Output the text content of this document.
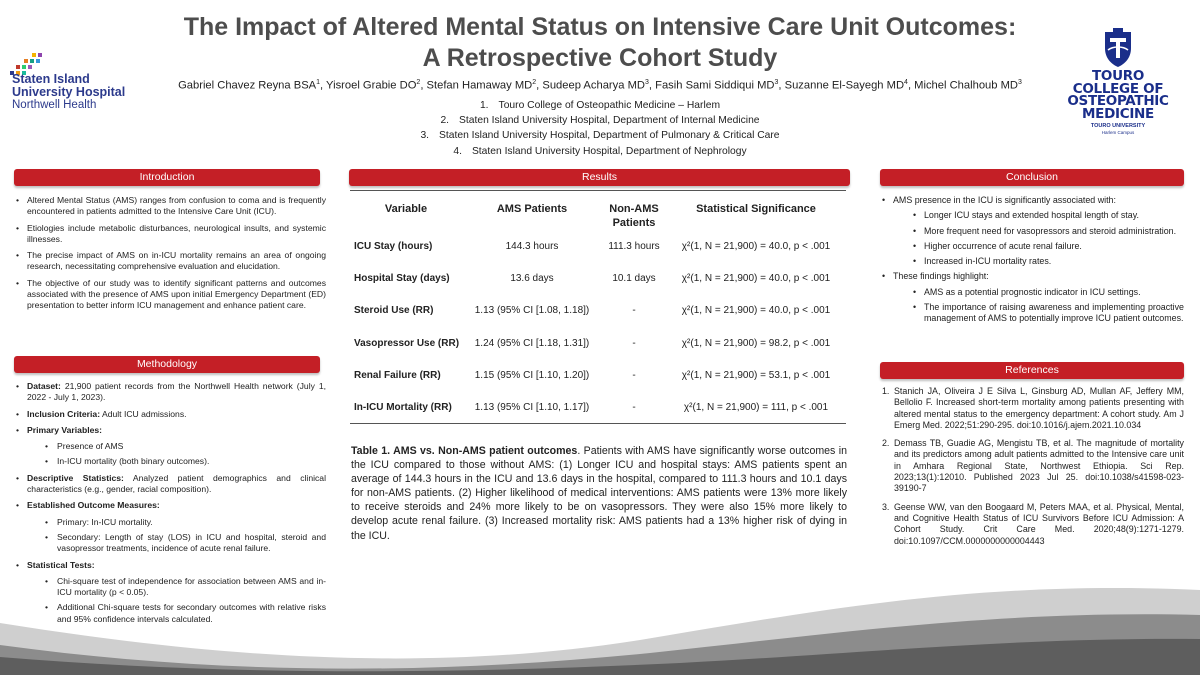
The Impact of Altered Mental Status on Intensive Care Unit Outcomes:
A Retrospective Cohort Study
Gabriel Chavez Reyna BSA$^1$, Yisroel Grabie $DO^2$, Stefan Hamaway $MD^2$, Sudeep Acharya $MD^3$, Fasih Sami Siddiqui $MD^3$, Suzanne El-Sayegh $MD^4$, Michel Chalhoub $MD^3$
1. Touro College of Osteopathic Medicine – Harlem
2. Staten Island University Hospital, Department of Internal Medicine
3. Staten Island University Hospital, Department of Pulmonary & Critical Care
4. Staten Island University Hospital, Department of Nephrology
Staten Island
University Hospital
Northwell Health
TOURO
COLLEGE OF
OSTEOPATHIC
MEDICINE
TOURO UNIVERSITY
Harlem Campus
Introduction
• Altered Mental Status (AMS) ranges from confusion to coma and is frequently encountered in patients admitted to the Intensive Care Unit (ICU).
• Etiologies include metabolic disturbances, neurological insults, and systemic illnesses.
• The precise impact of AMS on in-ICU mortality remains an area of ongoing research, necessitating comprehensive evaluation and elucidation.
• The objective of our study was to identify significant patterns and outcomes associated with the presence of AMS upon initial Emergency Department (ED) presentation to better inform ICU management and enhance patient care.
Methodology
• Dataset: 21,900 patient records from the Northwell Health network (July 1, 2022 - July 1, 2023).
• Inclusion Criteria: Adult ICU admissions.
• Primary Variables:
• Presence of AMS
• In-ICU mortality (both binary outcomes).
• Descriptive Statistics: Analyzed patient demographics and clinical characteristics (e.g., gender, racial composition).
• Established Outcome Measures:
• Primary: In-ICU mortality.
• Secondary: Length of stay (LOS) in ICU and hospital, steroid and vasopressor treatments, incidence of acute renal failure.
• Statistical Tests:
• Chi-square test of independence for association between AMS and in-ICU mortality (p < 0.05).
• Additional Chi-square tests for secondary outcomes with relative risks and 95% confidence intervals calculated.
Results
Variable	AMS Patients	Non-AMS Patients	Statistical Significance
ICU Stay (hours)	144.3 hours	111.3 hours	χ²(1, N = 21,900) = 40.0, p < .001
Hospital Stay (days)	13.6 days	10.1 days	χ²(1, N = 21,900) = 40.0, p < .001
Steroid Use (RR)	1.13 (95% CI [1.08, 1.18])	-	χ²(1, N = 21,900) = 40.0, p < .001
Vasopressor Use (RR)	1.24 (95% CI [1.18, 1.31])	-	χ²(1, N = 21,900) = 98.2, p < .001
Renal Failure (RR)	1.15 (95% CI [1.10, 1.20])	-	χ²(1, N = 21,900) = 53.1, p < .001
In-ICU Mortality (RR)	1.13 (95% CI [1.10, 1.17])	-	χ²(1, N = 21,900) = 111, p < .001
Table 1. AMS vs. Non-AMS patient outcomes. Patients with AMS have significantly worse outcomes in the ICU compared to those without AMS: (1) Longer ICU and hospital stays: AMS patients spent an average of 144.3 hours in the ICU and 13.6 days in the hospital, compared to 111.3 hours and 10.1 days for non-AMS patients. (2) Higher likelihood of medical interventions: AMS patients were 13% more likely to receive steroids and 24% more likely to be on vasopressors. They were also 15% more likely to develop acute renal failure. (3) Increased mortality risk: AMS patients had a 13% higher risk of dying in the ICU.
Conclusion
• AMS presence in the ICU is significantly associated with:
• Longer ICU stays and extended hospital length of stay.
• More frequent need for vasopressors and steroid administration.
• Higher occurrence of acute renal failure.
• Increased in-ICU mortality rates.
• These findings highlight:
• AMS as a potential prognostic indicator in ICU settings.
• The importance of raising awareness and implementing proactive management of AMS to potentially improve ICU patient outcomes.
References
1. Stanich JA, Oliveira J E Silva L, Ginsburg AD, Mullan AF, Jeffery MM, Bellolio F. Increased short-term mortality among patients presenting with altered mental status to the emergency department: A cohort study. Am J Emerg Med. 2022;51:290-295. doi:10.1016/j.ajem.2021.10.034
2. Demass TB, Guadie AG, Mengistu TB, et al. The magnitude of mortality and its predictors among adult patients admitted to the Intensive care unit in Amhara Regional State, Northwest Ethiopia. Sci Rep. 2023;13(1):12010. Published 2023 Jul 25. doi:10.1038/s41598-023-39190-7
3. Geense WW, van den Boogaard M, Peters MAA, et al. Physical, Mental, and Cognitive Health Status of ICU Survivors Before ICU Admission: A Cohort Study. Crit Care Med. 2020;48(9):1271-1279. doi:10.1097/CCM.0000000000004443
